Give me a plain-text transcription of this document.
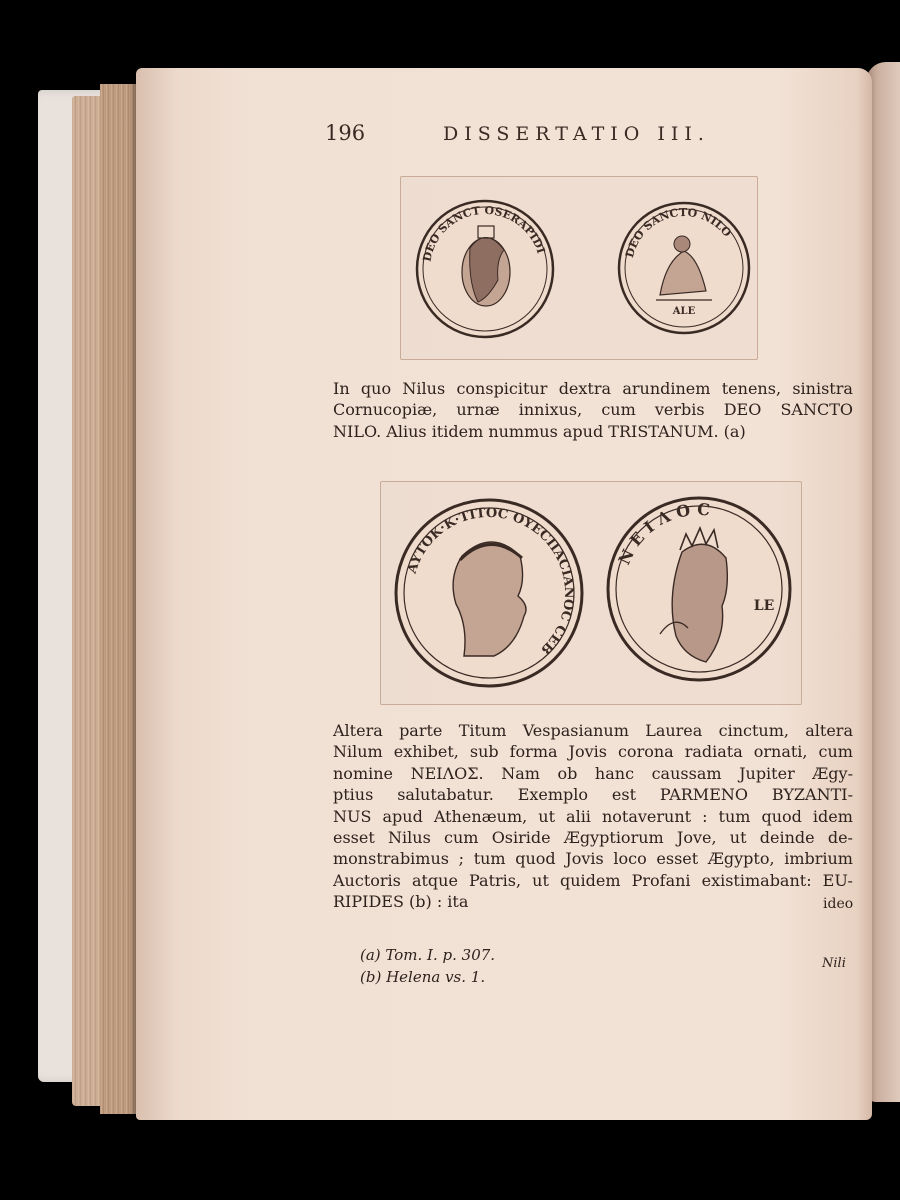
196	DISSERTATIO III.
DEO SANCT OSERAPIDI	DEO SANCTO NILO
ALE
In quo Nilus conspicitur dextra arundinem tenens, sinistra
Cornucopiæ, urnæ innixus, cum verbis DEO SANCTO
NILO. Alius itidem nummus apud TRISTANUM. (a)
AYTOK·K·TITOC OYECΠACIANOC CEB
NEIΛOC
LE
Altera parte Titum Vespasianum Laurea cinctum, altera
Nilum exhibet, sub forma Jovis corona radiata ornati, cum
nomine ΝΕΙΛΟΣ. Nam ob hanc caussam Jupiter Ægy-
ptius salutabatur. Exemplo est PARMENO BYZANTI-
NUS apud Athenæum, ut alii notaverunt : tum quod idem
esset Nilus cum Osiride Ægyptiorum Jove, ut deinde de-
monstrabimus ; tum quod Jovis loco esset Ægypto, imbrium
Auctoris atque Patris, ut quidem Profani existimabant: EU-
RIPIDES (b) : ita	ideo
(a) Tom. I. p. 307.
(b) Helena vs. 1.
Nili
